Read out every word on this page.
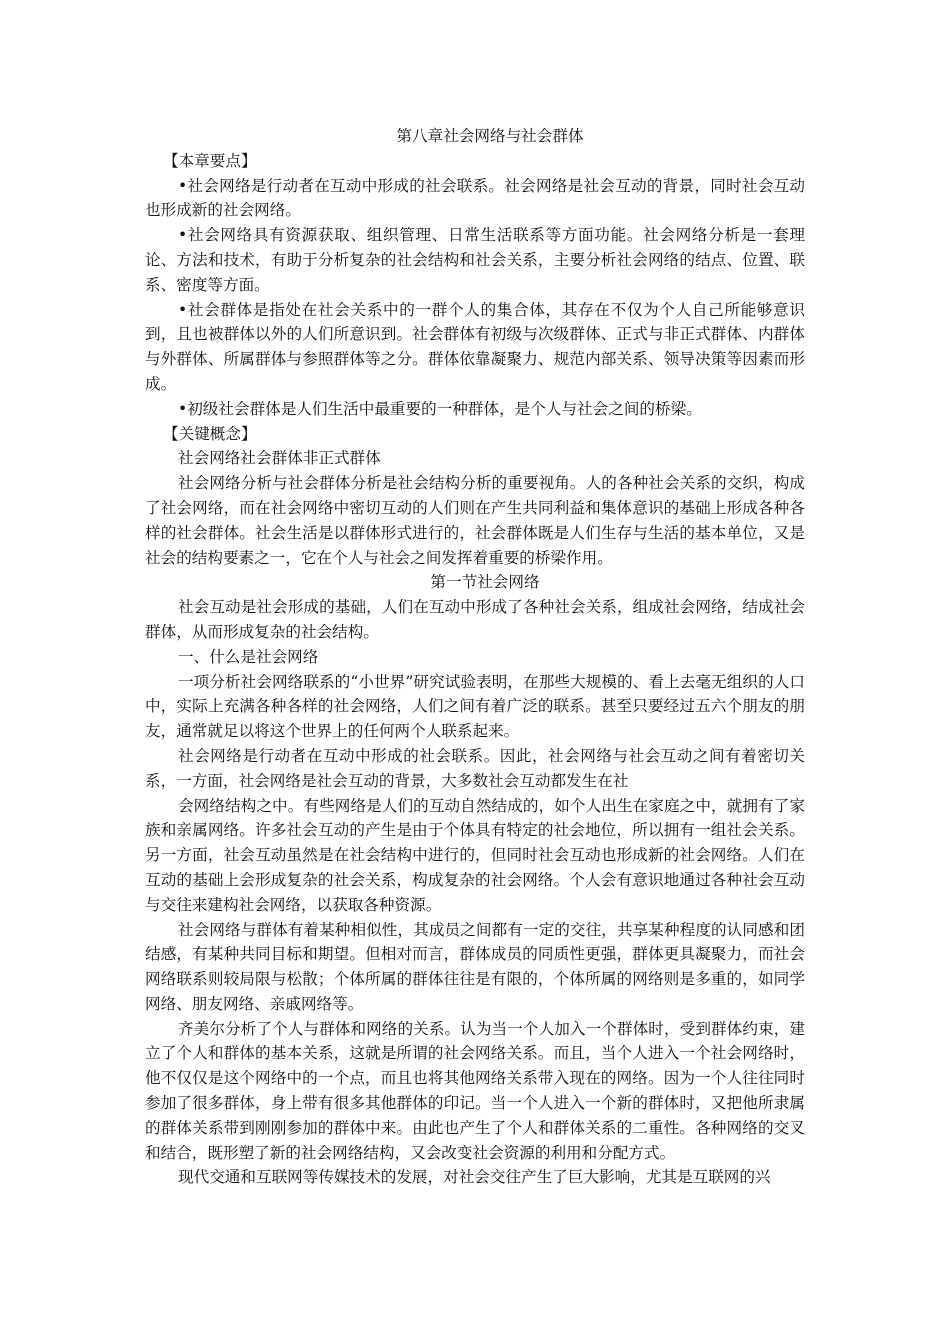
第八章社会网络与社会群体

【本章要点】

•社会网络是行动者在互动中形成的社会联系。社会网络是社会互动的背景，同时社会互动也形成新的社会网络。

•社会网络具有资源获取、组织管理、日常生活联系等方面功能。社会网络分析是一套理论、方法和技术，有助于分析复杂的社会结构和社会关系，主要分析社会网络的结点、位置、联系、密度等方面。

•社会群体是指处在社会关系中的一群个人的集合体，其存在不仅为个人自己所能够意识到，且也被群体以外的人们所意识到。社会群体有初级与次级群体、正式与非正式群体、内群体与外群体、所属群体与参照群体等之分。群体依靠凝聚力、规范内部关系、领导决策等因素而形成。

•初级社会群体是人们生活中最重要的一种群体，是个人与社会之间的桥梁。

【关键概念】

社会网络社会群体非正式群体

社会网络分析与社会群体分析是社会结构分析的重要视角。人的各种社会关系的交织，构成了社会网络，而在社会网络中密切互动的人们则在产生共同利益和集体意识的基础上形成各种各样的社会群体。社会生活是以群体形式进行的，社会群体既是人们生存与生活的基本单位，又是社会的结构要素之一，它在个人与社会之间发挥着重要的桥梁作用。

第一节社会网络

社会互动是社会形成的基础，人们在互动中形成了各种社会关系，组成社会网络，结成社会群体，从而形成复杂的社会结构。

一、什么是社会网络

一项分析社会网络联系的“小世界”研究试验表明，在那些大规模的、看上去毫无组织的人口中，实际上充满各种各样的社会网络，人们之间有着广泛的联系。甚至只要经过五六个朋友的朋友，通常就足以将这个世界上的任何两个人联系起来。

社会网络是行动者在互动中形成的社会联系。因此，社会网络与社会互动之间有着密切关系，一方面，社会网络是社会互动的背景，大多数社会互动都发生在社

会网络结构之中。有些网络是人们的互动自然结成的，如个人出生在家庭之中，就拥有了家族和亲属网络。许多社会互动的产生是由于个体具有特定的社会地位，所以拥有一组社会关系。另一方面，社会互动虽然是在社会结构中进行的，但同时社会互动也形成新的社会网络。人们在互动的基础上会形成复杂的社会关系，构成复杂的社会网络。个人会有意识地通过各种社会互动与交往来建构社会网络，以获取各种资源。

社会网络与群体有着某种相似性，其成员之间都有一定的交往，共享某种程度的认同感和团结感，有某种共同目标和期望。但相对而言，群体成员的同质性更强，群体更具凝聚力，而社会网络联系则较局限与松散；个体所属的群体往往是有限的，个体所属的网络则是多重的，如同学网络、朋友网络、亲戚网络等。

齐美尔分析了个人与群体和网络的关系。认为当一个人加入一个群体时，受到群体约束，建立了个人和群体的基本关系，这就是所谓的社会网络关系。而且，当个人进入一个社会网络时，他不仅仅是这个网络中的一个点，而且也将其他网络关系带入现在的网络。因为一个人往往同时参加了很多群体，身上带有很多其他群体的印记。当一个人进入一个新的群体时，又把他所隶属的群体关系带到刚刚参加的群体中来。由此也产生了个人和群体关系的二重性。各种网络的交叉和结合，既形塑了新的社会网络结构，又会改变社会资源的利用和分配方式。

现代交通和互联网等传媒技术的发展，对社会交往产生了巨大影响，尤其是互联网的兴
